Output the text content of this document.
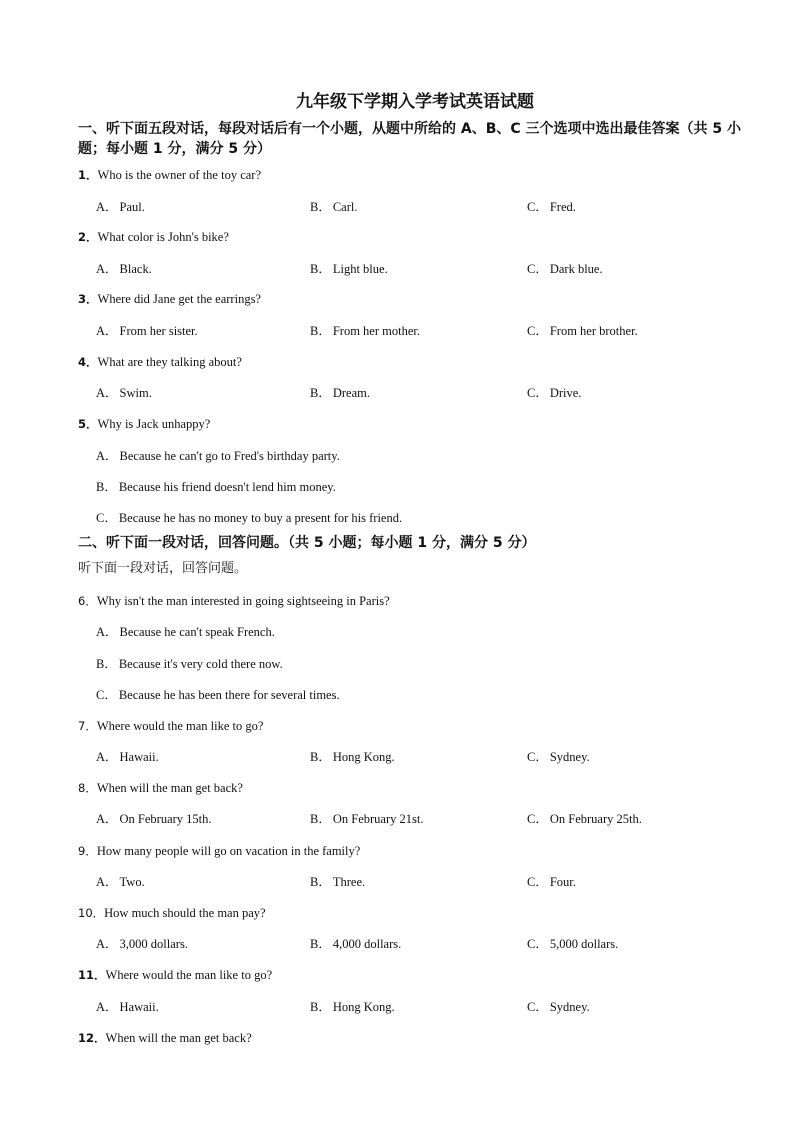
九年级下学期入学考试英语试题
一、听下面五段对话，每段对话后有一个小题，从题中所给的 A、B、C 三个选项中选出最佳答案（共 5 小题；每小题 1 分，满分 5 分）
1．Who is the owner of the toy car?
A． Paul.	B． Carl.	C． Fred.
2．What color is John's bike?
A． Black.	B． Light blue.	C． Dark blue.
3．Where did Jane get the earrings?
A． From her sister.	B． From her mother.	C． From her brother.
4．What are they talking about?
A． Swim.	B． Dream.	C． Drive.
5．Why is Jack unhappy?
A． Because he can't go to Fred's birthday party.
B． Because his friend doesn't lend him money.
C． Because he has no money to buy a present for his friend.
二、听下面一段对话，回答问题。（共 5 小题；每小题 1 分，满分 5 分）
听下面一段对话，回答问题。
6．Why isn't the man interested in going sightseeing in Paris?
A． Because he can't speak French.
B． Because it's very cold there now.
C． Because he has been there for several times.
7．Where would the man like to go?
A． Hawaii.	B． Hong Kong.	C． Sydney.
8．When will the man get back?
A． On February 15th.	B． On February 21st.	C． On February 25th.
9．How many people will go on vacation in the family?
A． Two.	B． Three.	C． Four.
10．How much should the man pay?
A． 3,000 dollars.	B． 4,000 dollars.	C． 5,000 dollars.
11．Where would the man like to go?
A． Hawaii.	B． Hong Kong.	C． Sydney.
12．When will the man get back?
